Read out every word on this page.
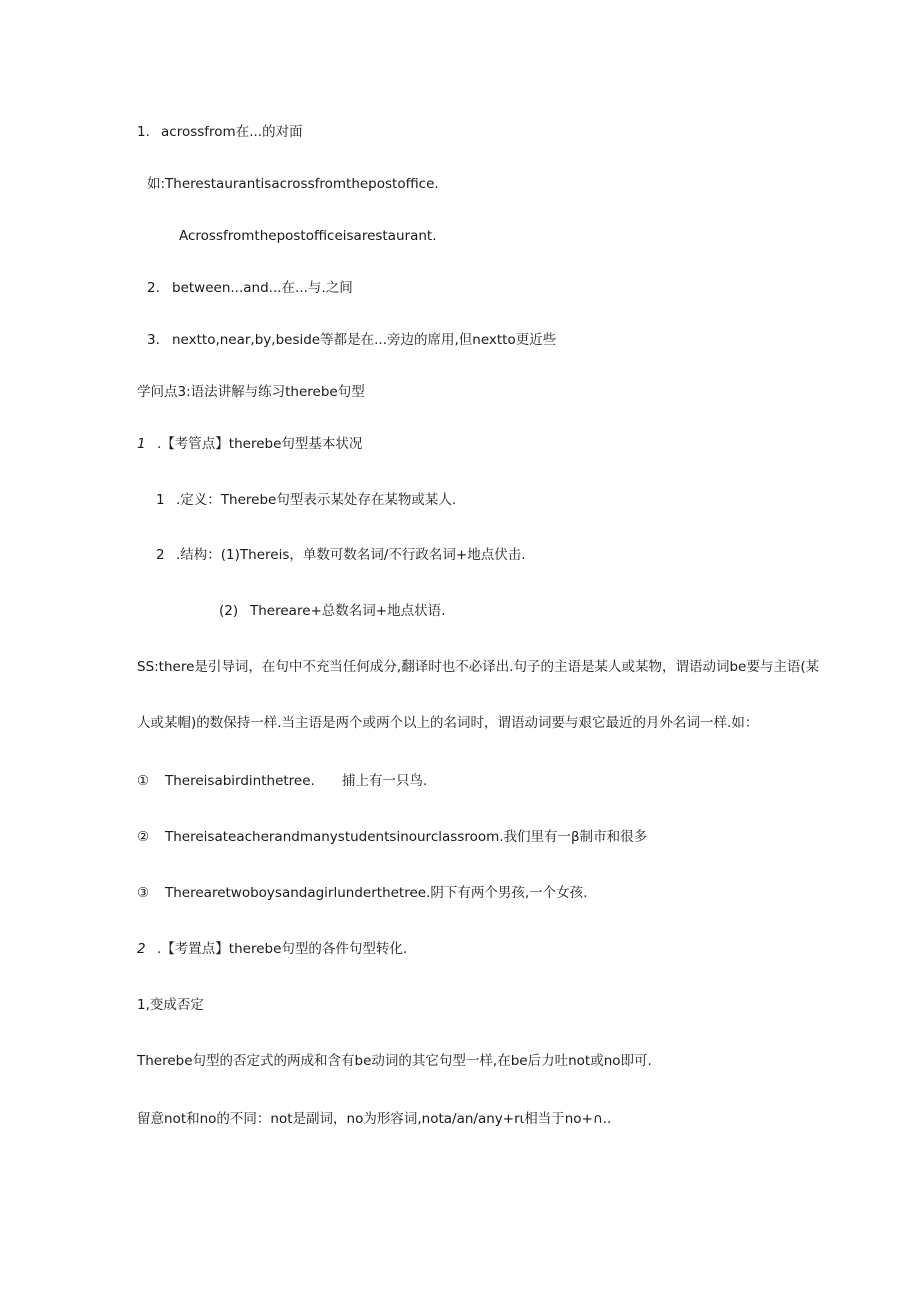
1. acrossfrom在...的对面
如:Therestaurantisacrossfromthepostoffice.
Acrossfromthepostofficeisarestaurant.
2. between...and...在...与.之间
3. nextto,near,by,beside等都是在...旁边的席用,但nextto更近些
学问点3:语法讲解与练习therebe句型
1 .【考管点】therebe句型基本状况
1 .定义：Therebe句型表示某处存在某物或某人.
2 .结构：(1)Thereis，单数可数名词/不行政名词+地点伏击.
(2) Thereare+总数名词+地点状语.
SS:there是引导词，在句中不充当任何成分,翻译时也不必译出.句子的主语是某人或某物，谓语动词be要与主语(某
人或某帽)的数保持一样.当主语是两个或两个以上的名词时，谓语动词要与艰它最近的月外名词一样.如：
① Thereisabirdinthetree. 捕上有一只鸟.
② Thereisateacherandmanystudentsinourclassroom.我们里有一β制市和很多
③ Therearetwoboysandagirlunderthetree.阴下有两个男孩,一个女孩.
2 .【考置点】therebe句型的各件句型转化.
1,变成否定
Therebe句型的否定式的两成和含有be动词的其它句型一样,在be后力吐not或no即可.
留意not和no的不同：not是副词，no为形容词,nota/an/any+rι相当于no+∩..
